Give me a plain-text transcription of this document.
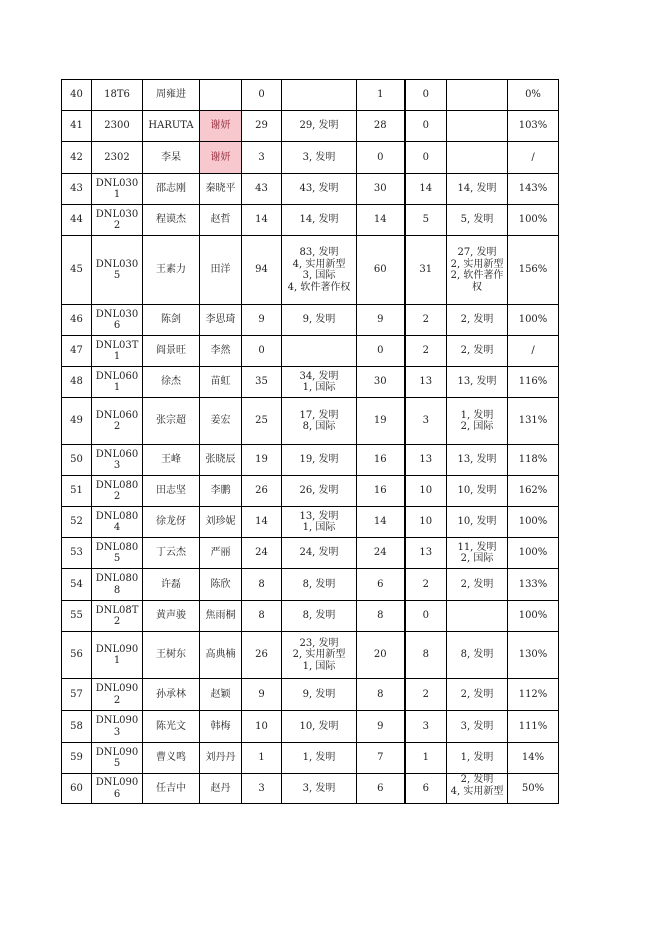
40	18T6	周雍进		0		1	0		0%
41	2300	HARUTA	谢妍	29	29, 发明	28	0		103%
42	2302	李杲	谢妍	3	3, 发明	0	0		/
43	DNL0301	邵志刚	秦晓平	43	43, 发明	30	14	14, 发明	143%
44	DNL0302	程谟杰	赵哲	14	14, 发明	14	5	5, 发明	100%
45	DNL0305	王素力	田洋	94	83, 发明
4, 实用新型
3, 国际
4, 软件著作权	60	31	27, 发明
2, 实用新型
2, 软件著作权	156%
46	DNL0306	陈剑	李思琦	9	9, 发明	9	2	2, 发明	100%
47	DNL03T1	阎景旺	李然	0		0	2	2, 发明	/
48	DNL0601	徐杰	苗虹	35	34, 发明
1, 国际	30	13	13, 发明	116%
49	DNL0602	张宗超	姜宏	25	17, 发明
8, 国际	19	3	1, 发明
2, 国际	131%
50	DNL0603	王峰	张晓辰	19	19, 发明	16	13	13, 发明	118%
51	DNL0802	田志坚	李鹏	26	26, 发明	16	10	10, 发明	162%
52	DNL0804	徐龙伢	刘珍妮	14	13, 发明
1, 国际	14	10	10, 发明	100%
53	DNL0805	丁云杰	严丽	24	24, 发明	24	13	11, 发明
2, 国际	100%
54	DNL0808	许磊	陈欣	8	8, 发明	6	2	2, 发明	133%
55	DNL08T2	黄声骏	焦雨桐	8	8, 发明	8	0		100%
56	DNL0901	王树东	高典楠	26	23, 发明
2, 实用新型
1, 国际	20	8	8, 发明	130%
57	DNL0902	孙承林	赵颖	9	9, 发明	8	2	2, 发明	112%
58	DNL0903	陈光文	韩梅	10	10, 发明	9	3	3, 发明	111%
59	DNL0905	曹义鸣	刘丹丹	1	1, 发明	7	1	1, 发明	14%
60	DNL0906	任吉中	赵丹	3	3, 发明	6	6	2, 发明
4, 实用新型	50%
